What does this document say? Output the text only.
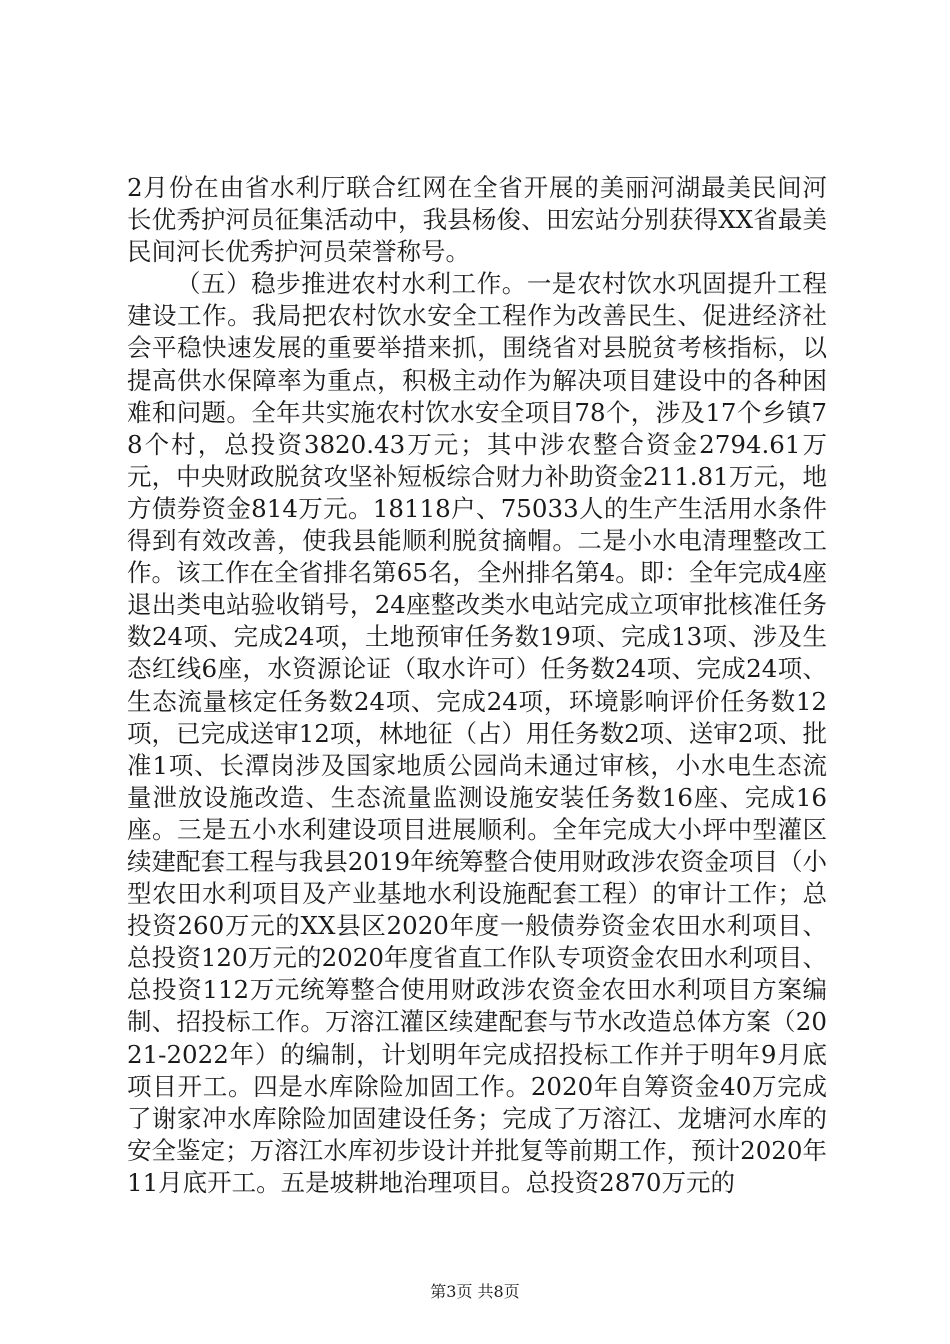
2月份在由省水利厅联合红网在全省开展的美丽河湖最美民间河长优秀护河员征集活动中，我县杨俊、田宏站分别获得XX省最美民间河长优秀护河员荣誉称号。

（五）稳步推进农村水利工作。一是农村饮水巩固提升工程建设工作。我局把农村饮水安全工程作为改善民生、促进经济社会平稳快速发展的重要举措来抓，围绕省对县脱贫考核指标，以提高供水保障率为重点，积极主动作为解决项目建设中的各种困难和问题。全年共实施农村饮水安全项目78个，涉及17个乡镇78个村，总投资3820.43万元；其中涉农整合资金2794.61万元，中央财政脱贫攻坚补短板综合财力补助资金211.81万元，地方债券资金814万元。18118户、75033人的生产生活用水条件得到有效改善，使我县能顺利脱贫摘帽。二是小水电清理整改工作。该工作在全省排名第65名，全州排名第4。即：全年完成4座退出类电站验收销号，24座整改类水电站完成立项审批核准任务数24项、完成24项，土地预审任务数19项、完成13项、涉及生态红线6座，水资源论证（取水许可）任务数24项、完成24项、生态流量核定任务数24项、完成24项，环境影响评价任务数12项，已完成送审12项，林地征（占）用任务数2项、送审2项、批准1项、长潭岗涉及国家地质公园尚未通过审核，小水电生态流量泄放设施改造、生态流量监测设施安装任务数16座、完成16座。三是五小水利建设项目进展顺利。全年完成大小坪中型灌区续建配套工程与我县2019年统筹整合使用财政涉农资金项目（小型农田水利项目及产业基地水利设施配套工程）的审计工作；总投资260万元的XX县区2020年度一般债券资金农田水利项目、总投资120万元的2020年度省直工作队专项资金农田水利项目、总投资112万元统筹整合使用财政涉农资金农田水利项目方案编制、招投标工作。万溶江灌区续建配套与节水改造总体方案（2021-2022年）的编制，计划明年完成招投标工作并于明年9月底项目开工。四是水库除险加固工作。2020年自筹资金40万完成了谢家冲水库除险加固建设任务；完成了万溶江、龙塘河水库的安全鉴定；万溶江水库初步设计并批复等前期工作，预计2020年11月底开工。五是坡耕地治理项目。总投资2870万元的

第3页 共8页
